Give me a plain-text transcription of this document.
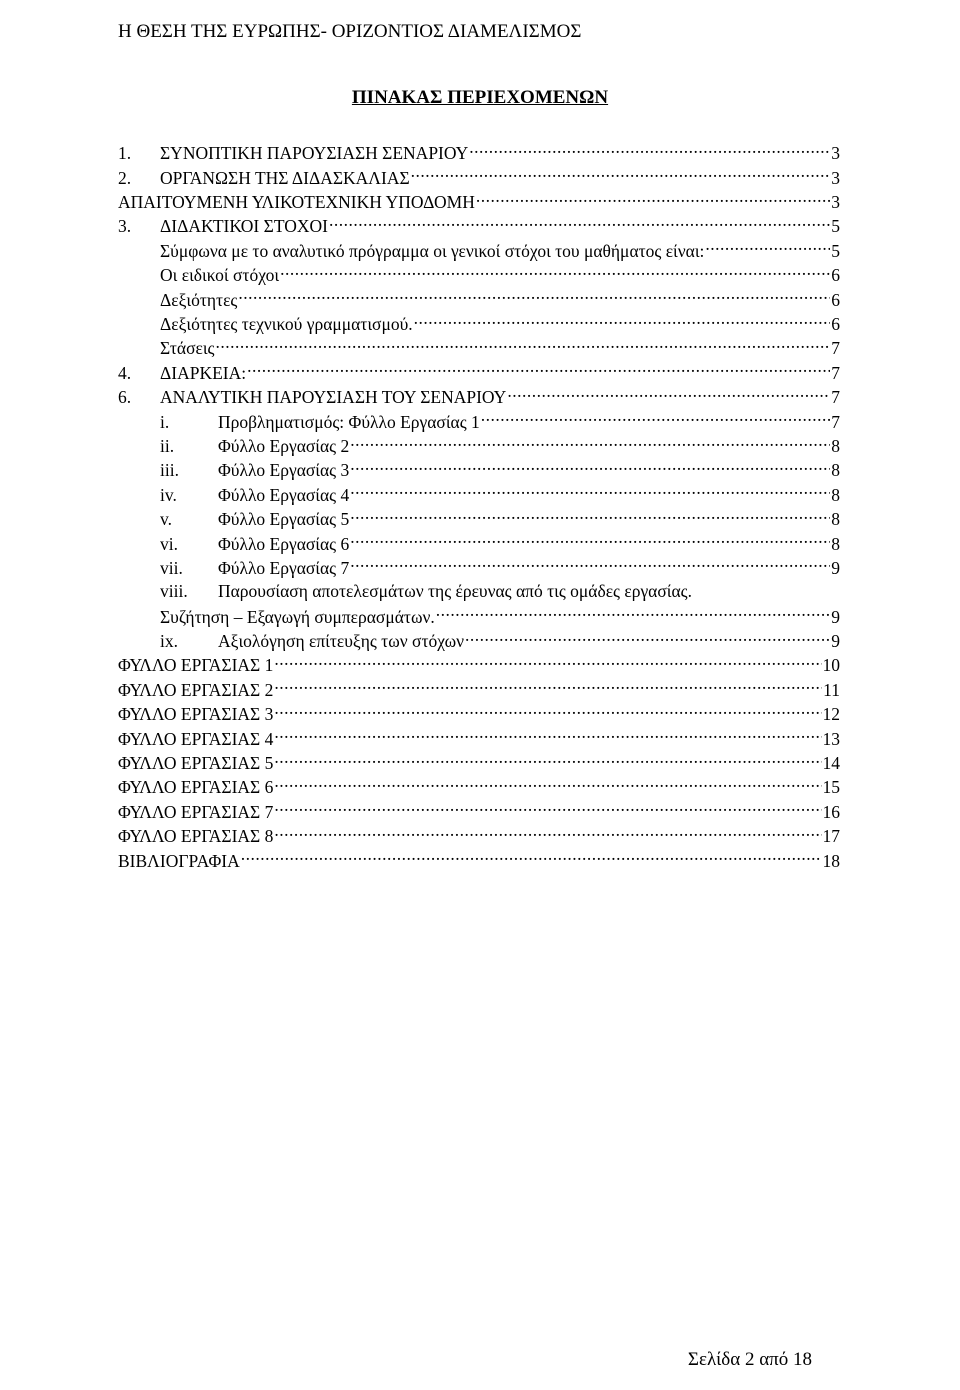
Η ΘΕΣΗ ΤΗΣ ΕΥΡΩΠΗΣ- ΟΡΙΖΟΝΤΙΟΣ ΔΙΑΜΕΛΙΣΜΟΣ
ΠΙΝΑΚΑΣ ΠΕΡΙΕΧΟΜΕΝΩΝ
1.	ΣΥΝΟΠΤΙΚΗ ΠΑΡΟΥΣΙΑΣΗ ΣΕΝΑΡΙΟΥ .....	3
2.	ΟΡΓΑΝΩΣΗ ΤΗΣ ΔΙΔΑΣΚΑΛΙΑΣ .....	3
ΑΠΑΙΤΟΥΜΕΝΗ ΥΛΙΚΟΤΕΧΝΙΚΗ ΥΠΟΔΟΜΗ .....	3
3.	ΔΙΔΑΚΤΙΚΟΙ ΣΤΟΧΟΙ .....	5
Σύμφωνα με το αναλυτικό πρόγραμμα οι γενικοί στόχοι του μαθήματος είναι: .....	5
Οι ειδικοί στόχοι .....	6
Δεξιότητες .....	6
Δεξιότητες τεχνικού γραμματισμού. .....	6
Στάσεις .....	7
4.	ΔΙΑΡΚΕΙΑ: .....	7
6.	ΑΝΑΛΥΤΙΚΗ ΠΑΡΟΥΣΙΑΣΗ ΤΟΥ ΣΕΝΑΡΙΟΥ .....	7
i.	Προβληματισμός: Φύλλο Εργασίας 1 .....	7
ii.	Φύλλο Εργασίας 2 .....	8
iii.	Φύλλο Εργασίας 3 .....	8
iv.	Φύλλο Εργασίας 4 .....	8
v.	Φύλλο Εργασίας 5 .....	8
vi.	Φύλλο Εργασίας 6 .....	8
vii.	Φύλλο Εργασίας 7 .....	9
viii.	Παρουσίαση αποτελεσμάτων της έρευνας από τις ομάδες εργασίας.
Συζήτηση – Εξαγωγή συμπερασμάτων. .....	9
ix.	Αξιολόγηση επίτευξης των στόχων .....	9
ΦΥΛΛΟ ΕΡΓΑΣΙΑΣ 1 .....	10
ΦΥΛΛΟ ΕΡΓΑΣΙΑΣ 2 .....	11
ΦΥΛΛΟ ΕΡΓΑΣΙΑΣ 3 .....	12
ΦΥΛΛΟ ΕΡΓΑΣΙΑΣ 4 .....	13
ΦΥΛΛΟ ΕΡΓΑΣΙΑΣ 5 .....	14
ΦΥΛΛΟ ΕΡΓΑΣΙΑΣ 6 .....	15
ΦΥΛΛΟ ΕΡΓΑΣΙΑΣ 7 .....	16
ΦΥΛΛΟ ΕΡΓΑΣΙΑΣ 8 .....	17
ΒΙΒΛΙΟΓΡΑΦΙΑ .....	18
Σελίδα 2 από 18
